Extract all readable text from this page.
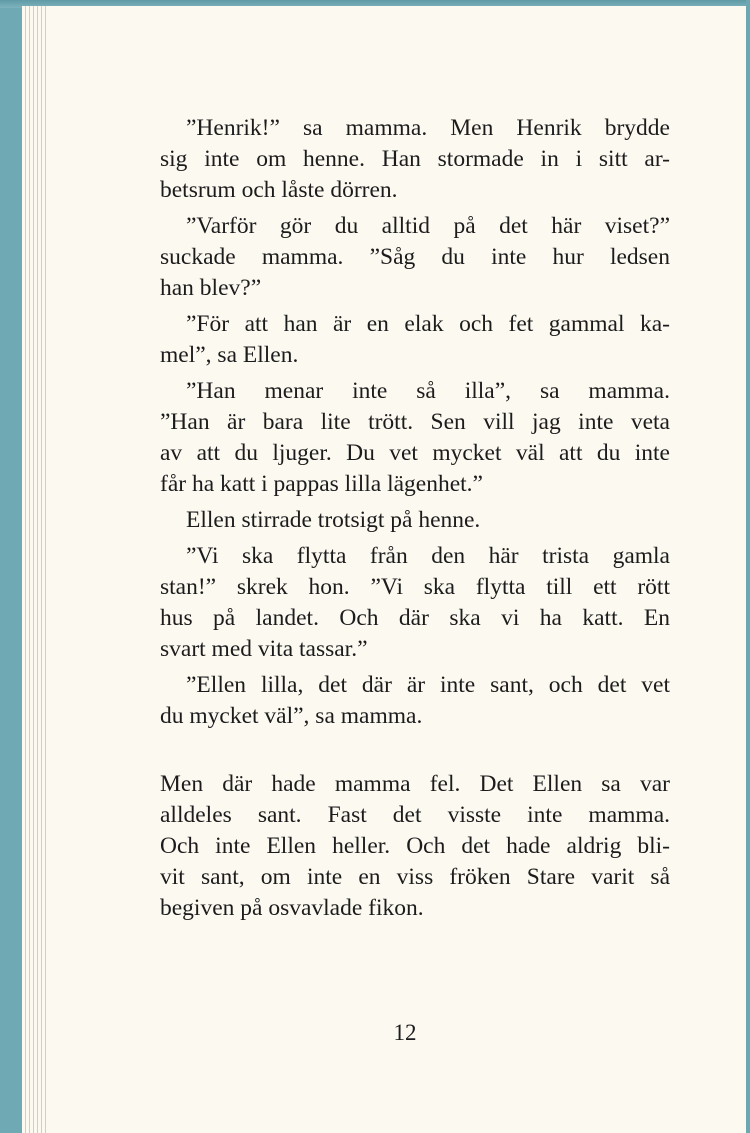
”Henrik!” sa mamma. Men Henrik brydde
sig inte om henne. Han stormade in i sitt ar-
betsrum och låste dörren.

”Varför gör du alltid på det här viset?”
suckade mamma. ”Såg du inte hur ledsen
han blev?”

”För att han är en elak och fet gammal ka-
mel”, sa Ellen.

”Han menar inte så illa”, sa mamma.
”Han är bara lite trött. Sen vill jag inte veta
av att du ljuger. Du vet mycket väl att du inte
får ha katt i pappas lilla lägenhet.”

Ellen stirrade trotsigt på henne.

”Vi ska flytta från den här trista gamla
stan!” skrek hon. ”Vi ska flytta till ett rött
hus på landet. Och där ska vi ha katt. En
svart med vita tassar.”

”Ellen lilla, det där är inte sant, och det vet
du mycket väl”, sa mamma.

Men där hade mamma fel. Det Ellen sa var
alldeles sant. Fast det visste inte mamma.
Och inte Ellen heller. Och det hade aldrig bli-
vit sant, om inte en viss fröken Stare varit så
begiven på osvavlade fikon.

12
